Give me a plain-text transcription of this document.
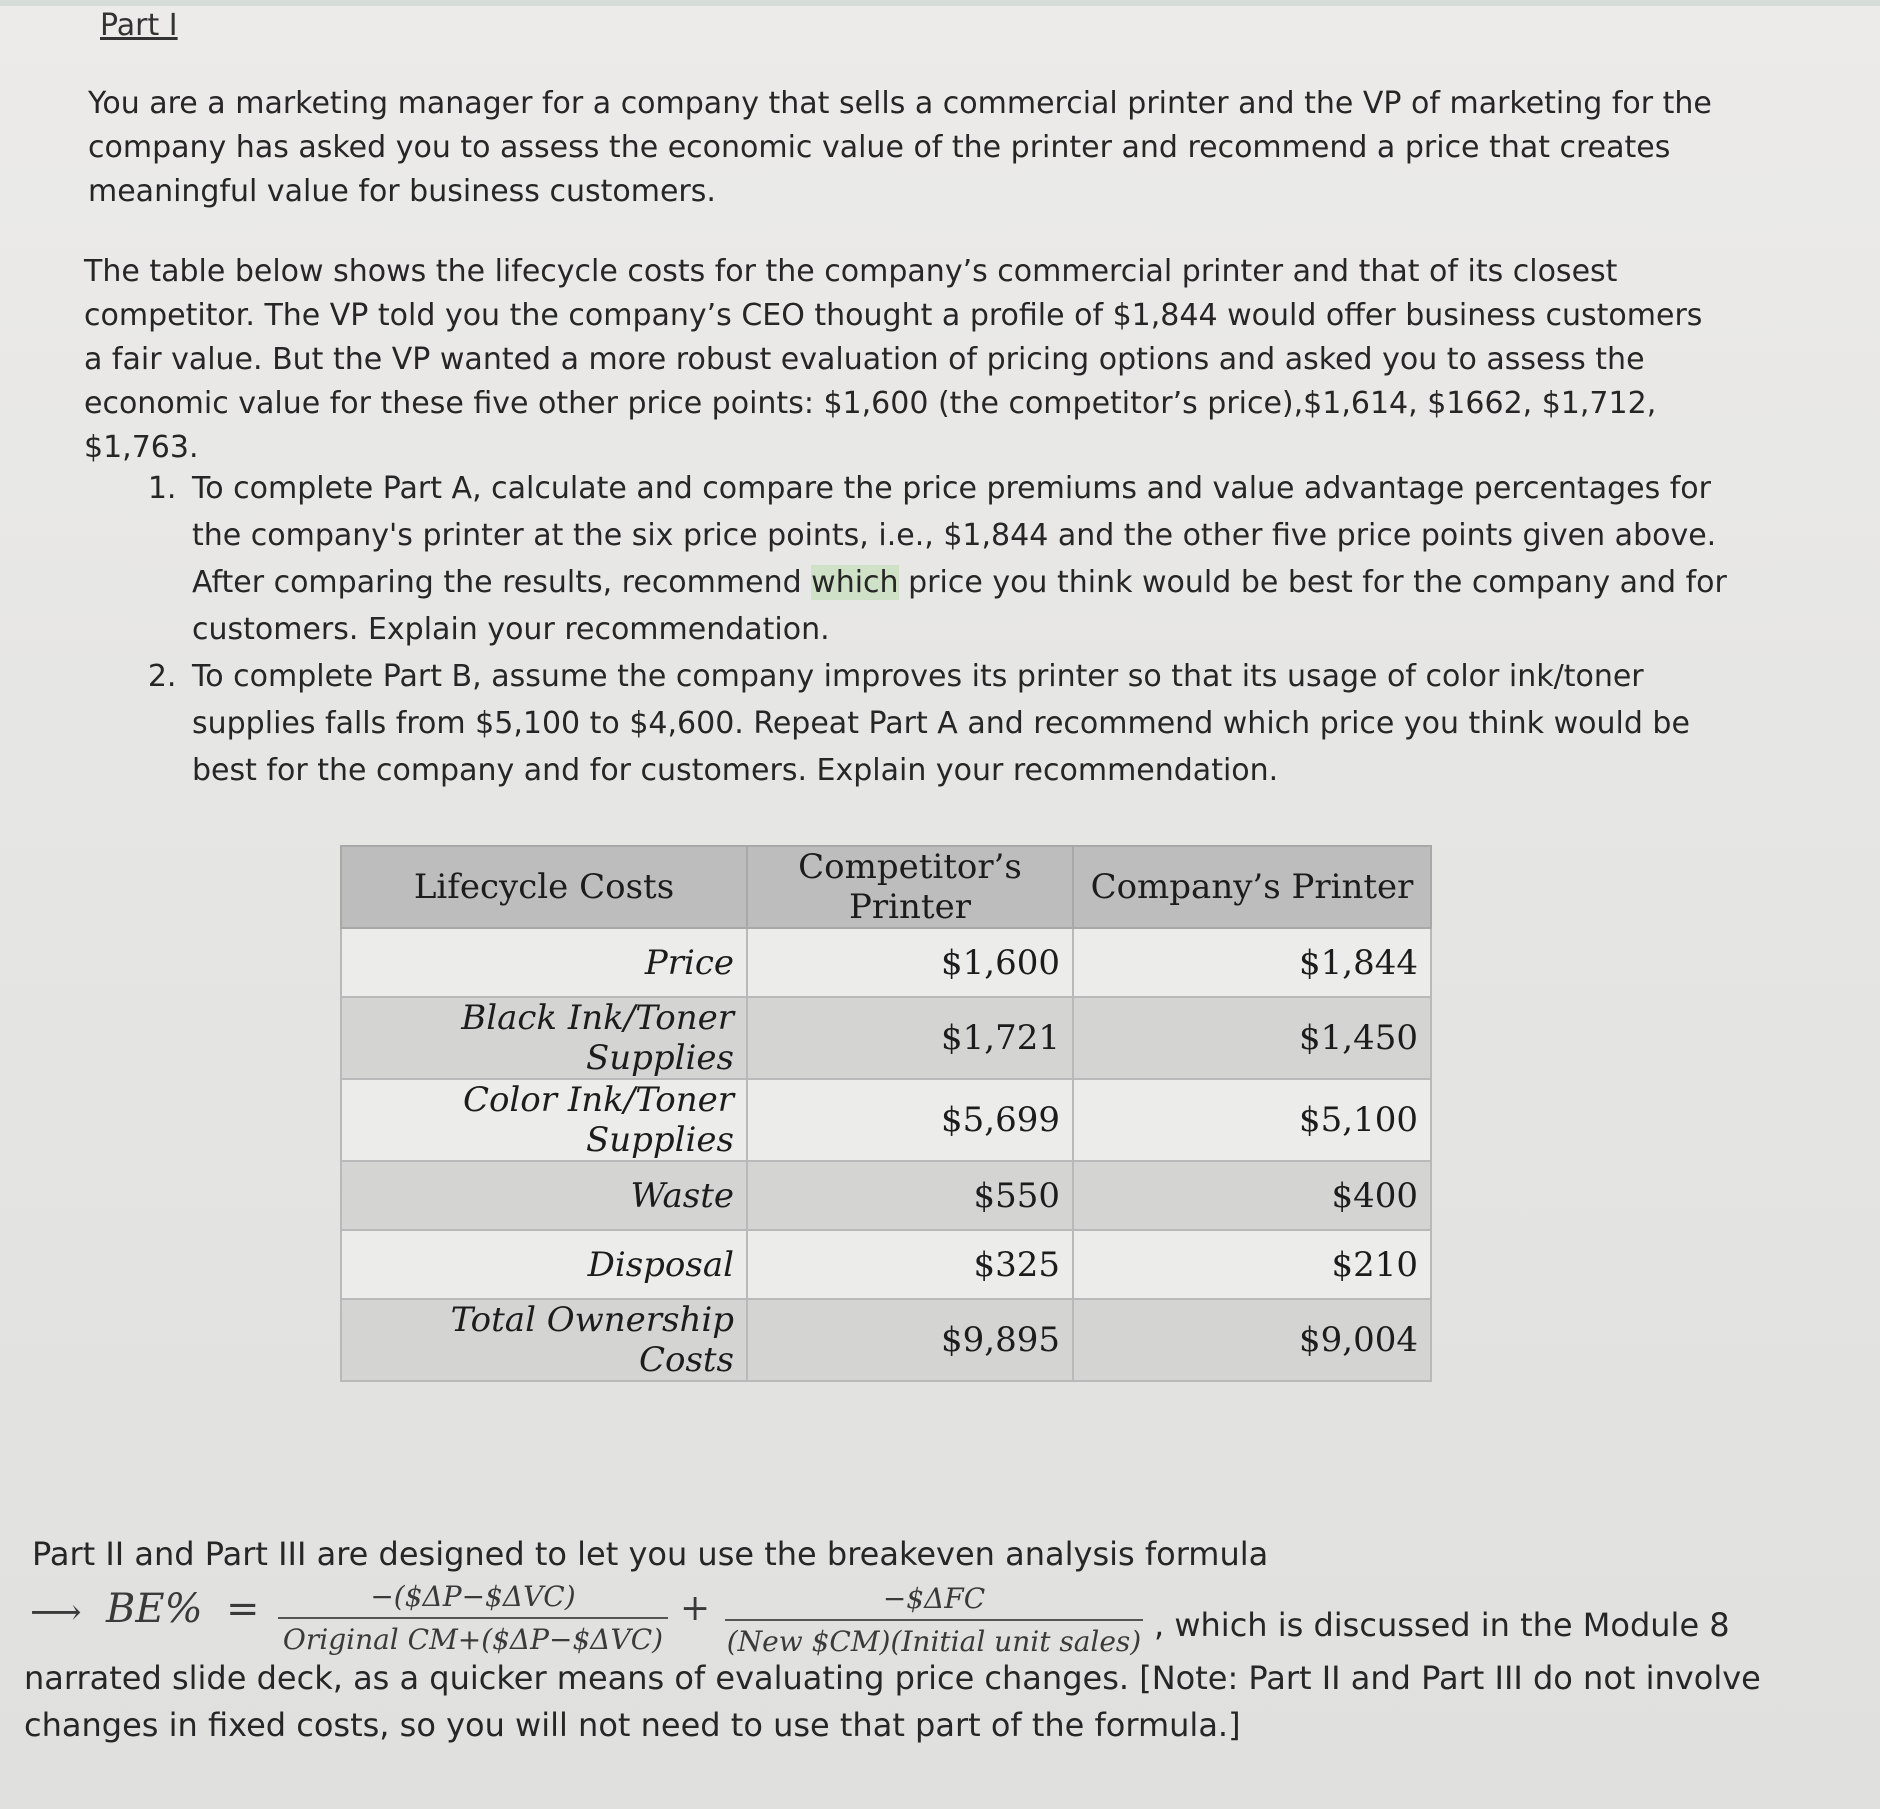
Part I
You are a marketing manager for a company that sells a commercial printer and the VP of marketing for the company has asked you to assess the economic value of the printer and recommend a price that creates meaningful value for business customers.
The table below shows the lifecycle costs for the company’s commercial printer and that of its closest competitor. The VP told you the company’s CEO thought a profile of $1,844 would offer business customers a fair value. But the VP wanted a more robust evaluation of pricing options and asked you to assess the economic value for these five other price points: $1,600 (the competitor’s price),$1,614, $1662, $1,712, $1,763.
1. To complete Part A, calculate and compare the price premiums and value advantage percentages for the company's printer at the six price points, i.e., $1,844 and the other five price points given above. After comparing the results, recommend which price you think would be best for the company and for customers. Explain your recommendation.
2. To complete Part B, assume the company improves its printer so that its usage of color ink/toner supplies falls from $5,100 to $4,600. Repeat Part A and recommend which price you think would be best for the company and for customers. Explain your recommendation.
Lifecycle Costs	Competitor’s Printer	Company’s Printer
Price	$1,600	$1,844
Black Ink/Toner Supplies	$1,721	$1,450
Color Ink/Toner Supplies	$5,699	$5,100
Waste	$550	$400
Disposal	$325	$210
Total Ownership Costs	$9,895	$9,004
Part II and Part III are designed to let you use the breakeven analysis formula
⟶ BE% =	−($ΔP−$ΔVC)
Original CM+($ΔP−$ΔVC)
+	−$ΔFC
(New $CM)(Initial unit sales) , which is discussed in the Module 8
narrated slide deck, as a quicker means of evaluating price changes. [Note: Part II and Part III do not involve changes in fixed costs, so you will not need to use that part of the formula.]
